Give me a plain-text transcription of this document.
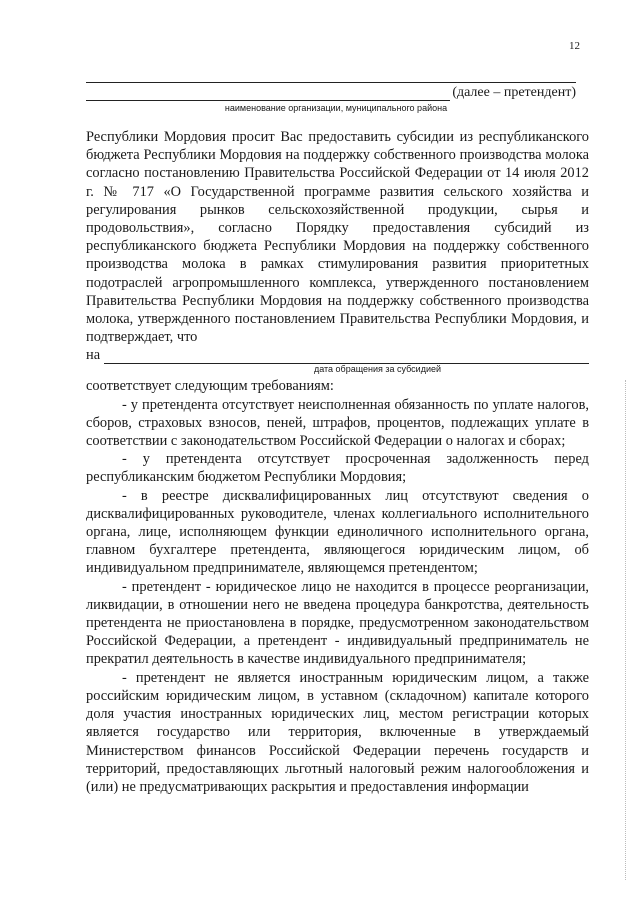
12
(далее – претендент)
наименование организации, муниципального района

Республики Мордовия просит Вас предоставить субсидии из республиканского бюджета Республики Мордовия на поддержку собственного производства молока согласно постановлению Правительства Российской Федерации от 14 июля 2012 г. № 717 «О Государственной программе развития сельского хозяйства и регулирования рынков сельскохозяйственной продукции, сырья и продовольствия», согласно Порядку предоставления субсидий из республиканского бюджета Республики Мордовия на поддержку собственного производства молока в рамках стимулирования развития приоритетных подотраслей агропромышленного комплекса, утвержденного постановлением Правительства Республики Мордовия на поддержку собственного производства молока, утвержденного постановлением Правительства Республики Мордовия, и подтверждает, что

на
дата обращения за субсидией

соответствует следующим требованиям:

- у претендента отсутствует неисполненная обязанность по уплате налогов, сборов, страховых взносов, пеней, штрафов, процентов, подлежащих уплате в соответствии с законодательством Российской Федерации о налогах и сборах;

- у претендента отсутствует просроченная задолженность перед республиканским бюджетом Республики Мордовия;

- в реестре дисквалифицированных лиц отсутствуют сведения о дисквалифицированных руководителе, членах коллегиального исполнительного органа, лице, исполняющем функции единоличного исполнительного органа, главном бухгалтере претендента, являющегося юридическим лицом, об индивидуальном предпринимателе, являющемся претендентом;

- претендент - юридическое лицо не находится в процессе реорганизации, ликвидации, в отношении него не введена процедура банкротства, деятельность претендента не приостановлена в порядке, предусмотренном законодательством Российской Федерации, а претендент - индивидуальный предприниматель не прекратил деятельность в качестве индивидуального предпринимателя;

- претендент не является иностранным юридическим лицом, а также российским юридическим лицом, в уставном (складочном) капитале которого доля участия иностранных юридических лиц, местом регистрации которых является государство или территория, включенные в утверждаемый Министерством финансов Российской Федерации перечень государств и территорий, предоставляющих льготный налоговый режим налогообложения и (или) не предусматривающих раскрытия и предоставления информации
